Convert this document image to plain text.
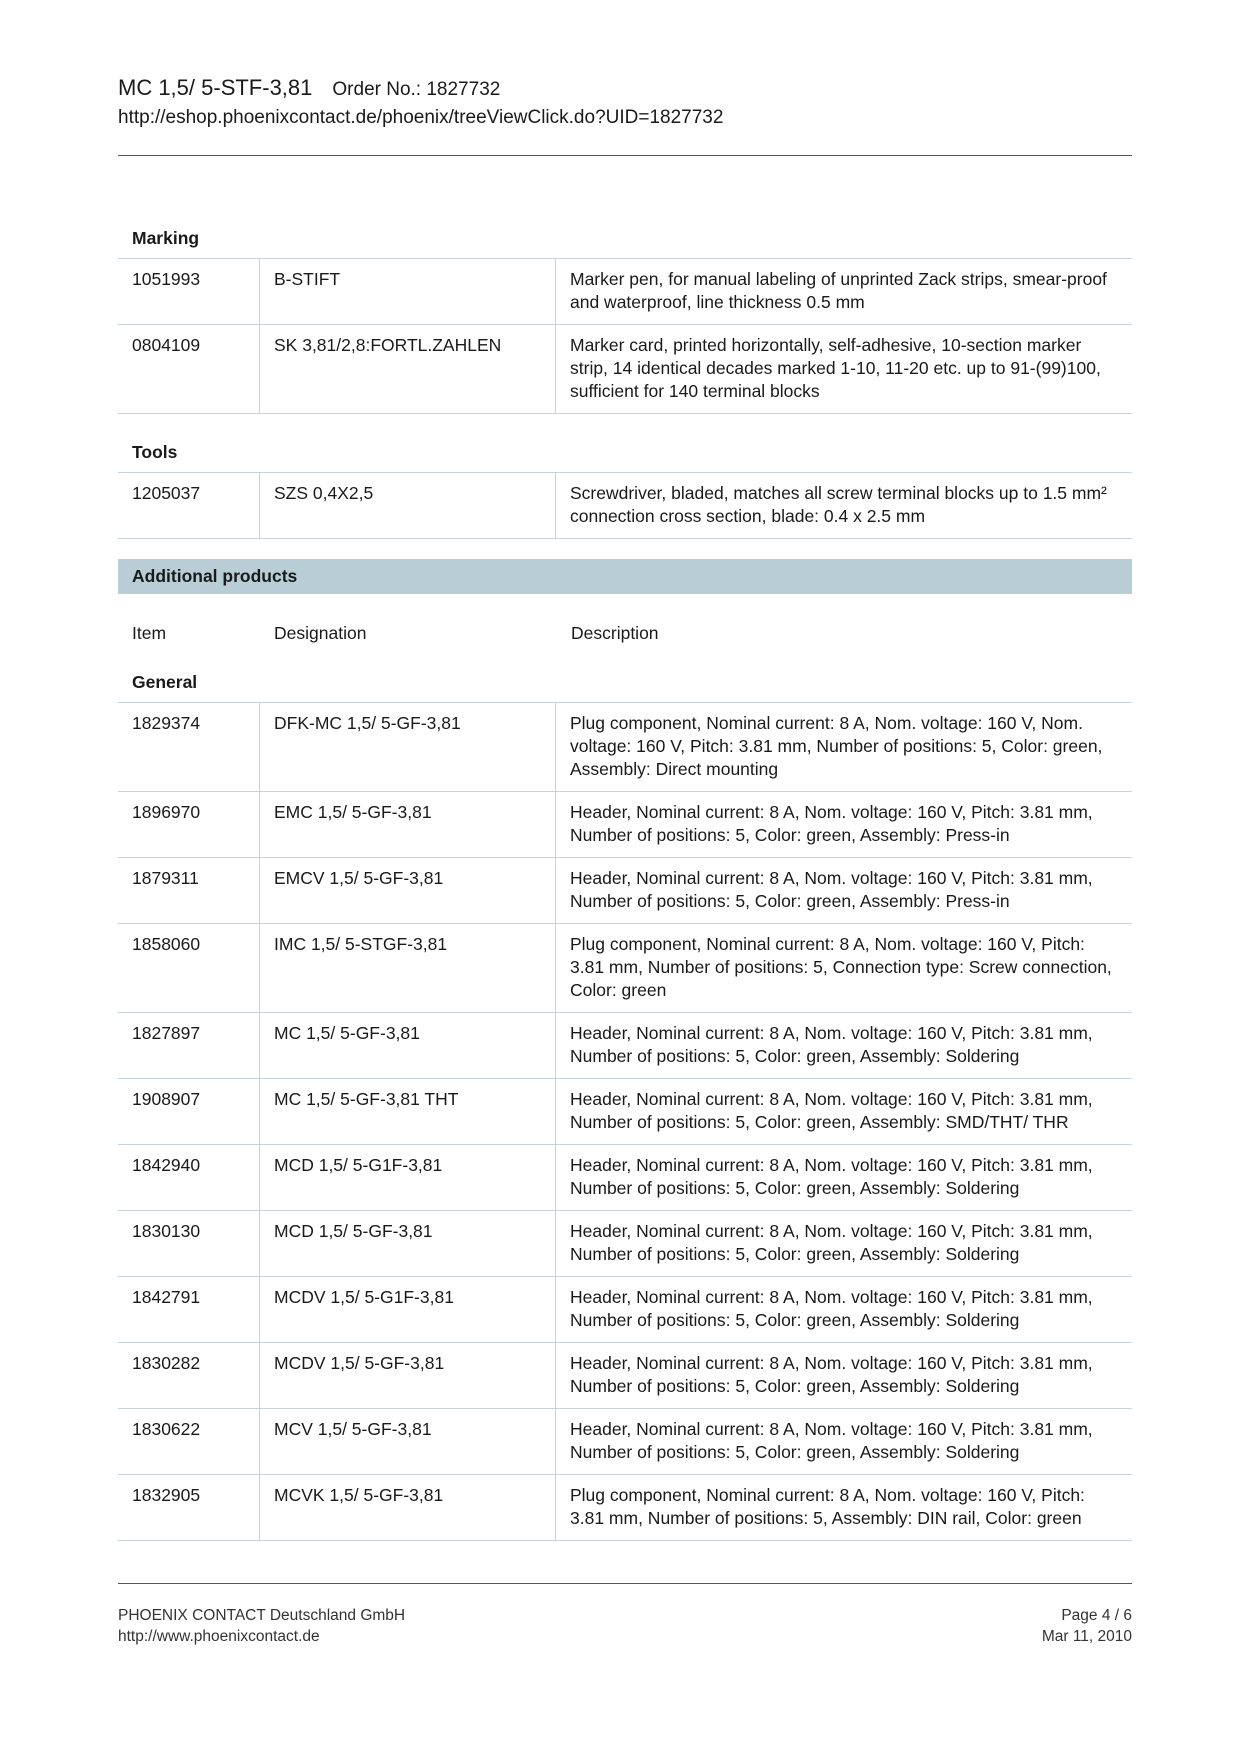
MC 1,5/ 5-STF-3,81 Order No.: 1827732
http://eshop.phoenixcontact.de/phoenix/treeViewClick.do?UID=1827732
Marking
1051993	B-STIFT	Marker pen, for manual labeling of unprinted Zack strips, smear-proof and waterproof, line thickness 0.5 mm
0804109	SK 3,81/2,8:FORTL.ZAHLEN	Marker card, printed horizontally, self-adhesive, 10-section marker strip, 14 identical decades marked 1-10, 11-20 etc. up to 91-(99)100, sufficient for 140 terminal blocks
Tools
1205037	SZS 0,4X2,5	Screwdriver, bladed, matches all screw terminal blocks up to 1.5 mm² connection cross section, blade: 0.4 x 2.5 mm
Additional products
Item	Designation	Description
General
1829374	DFK-MC 1,5/ 5-GF-3,81	Plug component, Nominal current: 8 A, Nom. voltage: 160 V, Nom. voltage: 160 V, Pitch: 3.81 mm, Number of positions: 5, Color: green, Assembly: Direct mounting
1896970	EMC 1,5/ 5-GF-3,81	Header, Nominal current: 8 A, Nom. voltage: 160 V, Pitch: 3.81 mm, Number of positions: 5, Color: green, Assembly: Press-in
1879311	EMCV 1,5/ 5-GF-3,81	Header, Nominal current: 8 A, Nom. voltage: 160 V, Pitch: 3.81 mm, Number of positions: 5, Color: green, Assembly: Press-in
1858060	IMC 1,5/ 5-STGF-3,81	Plug component, Nominal current: 8 A, Nom. voltage: 160 V, Pitch: 3.81 mm, Number of positions: 5, Connection type: Screw connection, Color: green
1827897	MC 1,5/ 5-GF-3,81	Header, Nominal current: 8 A, Nom. voltage: 160 V, Pitch: 3.81 mm, Number of positions: 5, Color: green, Assembly: Soldering
1908907	MC 1,5/ 5-GF-3,81 THT	Header, Nominal current: 8 A, Nom. voltage: 160 V, Pitch: 3.81 mm, Number of positions: 5, Color: green, Assembly: SMD/THT/ THR
1842940	MCD 1,5/ 5-G1F-3,81	Header, Nominal current: 8 A, Nom. voltage: 160 V, Pitch: 3.81 mm, Number of positions: 5, Color: green, Assembly: Soldering
1830130	MCD 1,5/ 5-GF-3,81	Header, Nominal current: 8 A, Nom. voltage: 160 V, Pitch: 3.81 mm, Number of positions: 5, Color: green, Assembly: Soldering
1842791	MCDV 1,5/ 5-G1F-3,81	Header, Nominal current: 8 A, Nom. voltage: 160 V, Pitch: 3.81 mm, Number of positions: 5, Color: green, Assembly: Soldering
1830282	MCDV 1,5/ 5-GF-3,81	Header, Nominal current: 8 A, Nom. voltage: 160 V, Pitch: 3.81 mm, Number of positions: 5, Color: green, Assembly: Soldering
1830622	MCV 1,5/ 5-GF-3,81	Header, Nominal current: 8 A, Nom. voltage: 160 V, Pitch: 3.81 mm, Number of positions: 5, Color: green, Assembly: Soldering
1832905	MCVK 1,5/ 5-GF-3,81	Plug component, Nominal current: 8 A, Nom. voltage: 160 V, Pitch: 3.81 mm, Number of positions: 5, Assembly: DIN rail, Color: green
PHOENIX CONTACT Deutschland GmbH
http://www.phoenixcontact.de
Page 4 / 6
Mar 11, 2010
